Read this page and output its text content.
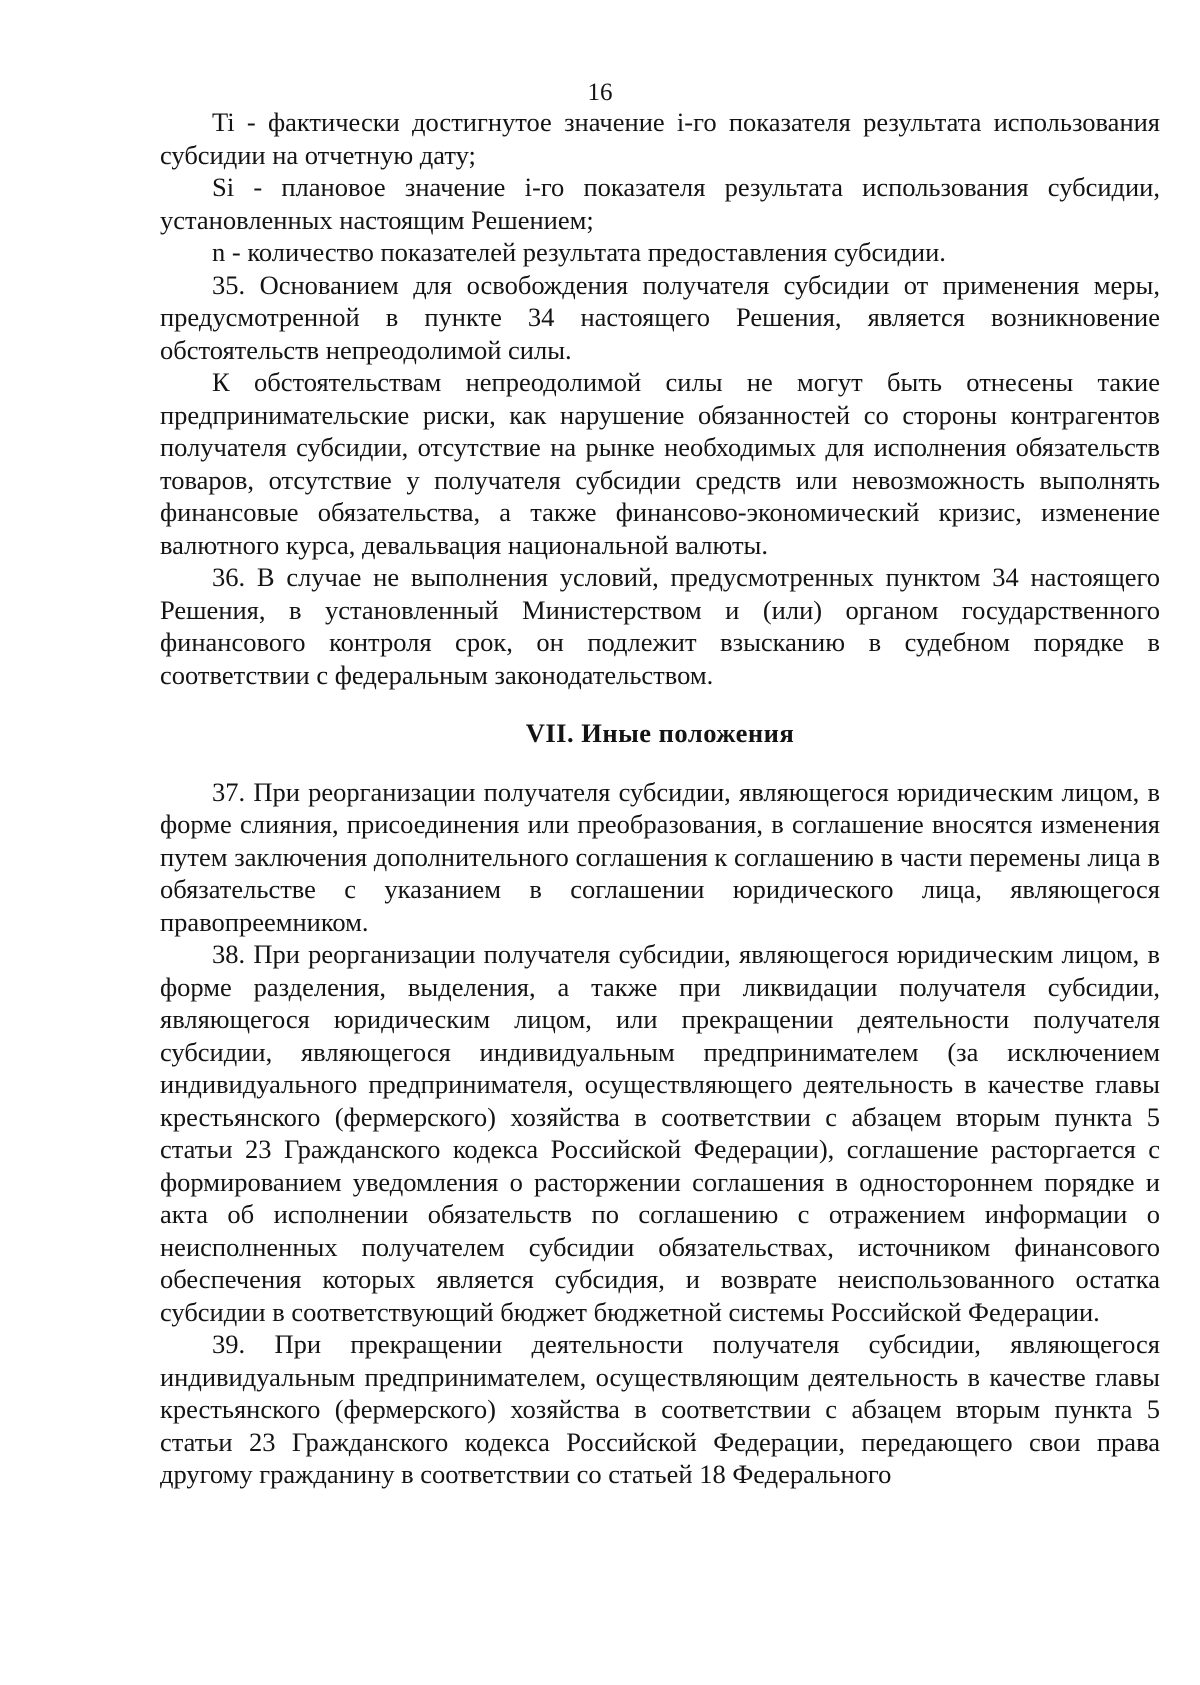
16

Ti - фактически достигнутое значение i-го показателя результата использования субсидии на отчетную дату;

Si - плановое значение i-го показателя результата использования субсидии, установленных настоящим Решением;

n - количество показателей результата предоставления субсидии.

35. Основанием для освобождения получателя субсидии от применения меры, предусмотренной в пункте 34 настоящего Решения, является возникновение обстоятельств непреодолимой силы.

К обстоятельствам непреодолимой силы не могут быть отнесены такие предпринимательские риски, как нарушение обязанностей со стороны контрагентов получателя субсидии, отсутствие на рынке необходимых для исполнения обязательств товаров, отсутствие у получателя субсидии средств или невозможность выполнять финансовые обязательства, а также финансово-экономический кризис, изменение валютного курса, девальвация национальной валюты.

36. В случае не выполнения условий, предусмотренных пунктом 34 настоящего Решения, в установленный Министерством и (или) органом государственного финансового контроля срок, он подлежит взысканию в судебном порядке в соответствии с федеральным законодательством.

VII. Иные положения

37. При реорганизации получателя субсидии, являющегося юридическим лицом, в форме слияния, присоединения или преобразования, в соглашение вносятся изменения путем заключения дополнительного соглашения к соглашению в части перемены лица в обязательстве с указанием в соглашении юридического лица, являющегося правопреемником.

38. При реорганизации получателя субсидии, являющегося юридическим лицом, в форме разделения, выделения, а также при ликвидации получателя субсидии, являющегося юридическим лицом, или прекращении деятельности получателя субсидии, являющегося индивидуальным предпринимателем (за исключением индивидуального предпринимателя, осуществляющего деятельность в качестве главы крестьянского (фермерского) хозяйства в соответствии с абзацем вторым пункта 5 статьи 23 Гражданского кодекса Российской Федерации), соглашение расторгается с формированием уведомления о расторжении соглашения в одностороннем порядке и акта об исполнении обязательств по соглашению с отражением информации о неисполненных получателем субсидии обязательствах, источником финансового обеспечения которых является субсидия, и возврате неиспользованного остатка субсидии в соответствующий бюджет бюджетной системы Российской Федерации.

39. При прекращении деятельности получателя субсидии, являющегося индивидуальным предпринимателем, осуществляющим деятельность в качестве главы крестьянского (фермерского) хозяйства в соответствии с абзацем вторым пункта 5 статьи 23 Гражданского кодекса Российской Федерации, передающего свои права другому гражданину в соответствии со статьей 18 Федерального
